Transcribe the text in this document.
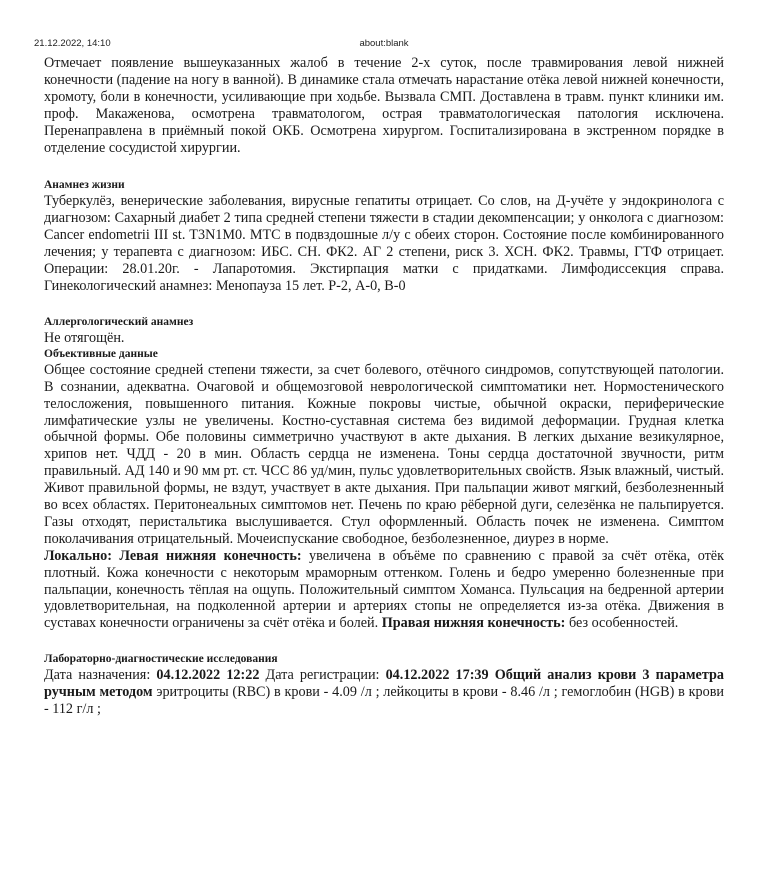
21.12.2022, 14:10	about:blank

Отмечает появление вышеуказанных жалоб в течение 2-х суток, после травмирования левой нижней конечности (падение на ногу в ванной). В динамике стала отмечать нарастание отёка левой нижней конечности, хромоту, боли в конечности, усиливающие при ходьбе. Вызвала СМП. Доставлена в травм. пункт клиники им. проф. Макаженова, осмотрена травматологом, острая травматологическая патология исключена. Перенаправлена в приёмный покой ОКБ. Осмотрена хирургом. Госпитализирована в экстренном порядке в отделение сосудистой хирургии.

Анамнез жизни

Туберкулёз, венерические заболевания, вирусные гепатиты отрицает. Со слов, на Д-учёте у эндокринолога с диагнозом: Сахарный диабет 2 типа средней степени тяжести в стадии декомпенсации; у онколога с диагнозом: Cancer endometrii III st. T3N1M0. МТС в подвздошные л/у с обеих сторон. Состояние после комбинированного лечения; у терапевта с диагнозом: ИБС. СН. ФК2. АГ 2 степени, риск 3. ХСН. ФК2. Травмы, ГТФ отрицает. Операции: 28.01.20г. - Лапаротомия. Экстирпация матки с придатками. Лимфодиссекция справа. Гинекологический анамнез: Менопауза 15 лет. Р-2, А-0, В-0

Аллергологический анамнез

Не отягощён.

Объективные данные

Общее состояние средней степени тяжести, за счет болевого, отёчного синдромов, сопутствующей патологии. В сознании, адекватна. Очаговой и общемозговой неврологической симптоматики нет. Нормостенического телосложения, повышенного питания. Кожные покровы чистые, обычной окраски, периферические лимфатические узлы не увеличены. Костно-суставная система без видимой деформации. Грудная клетка обычной формы. Обе половины симметрично участвуют в акте дыхания. В легких дыхание везикулярное, хрипов нет. ЧДД - 20 в мин. Область сердца не изменена. Тоны сердца достаточной звучности, ритм правильный. АД 140 и 90 мм рт. ст. ЧСС 86 уд/мин, пульс удовлетворительных свойств. Язык влажный, чистый. Живот правильной формы, не вздут, участвует в акте дыхания. При пальпации живот мягкий, безболезненный во всех областях. Перитонеальных симптомов нет. Печень по краю рёберной дуги, селезёнка не пальпируется. Газы отходят, перистальтика выслушивается. Стул оформленный. Область почек не изменена. Симптом поколачивания отрицательный. Мочеиспускание свободное, безболезненное, диурез в норме.

Локально: Левая нижняя конечность: увеличена в объёме по сравнению с правой за счёт отёка, отёк плотный. Кожа конечности с некоторым мраморным оттенком. Голень и бедро умеренно болезненные при пальпации, конечность тёплая на ощупь. Положительный симптом Хоманса. Пульсация на бедренной артерии удовлетворительная, на подколенной артерии и артериях стопы не определяется из-за отёка. Движения в суставах конечности ограничены за счёт отёка и болей. Правая нижняя конечность: без особенностей.

Лабораторно-диагностические исследования

Дата назначения: 04.12.2022 12:22 Дата регистрации: 04.12.2022 17:39 Общий анализ крови 3 параметра ручным методом эритроциты (RBC) в крови - 4.09 /л ; лейкоциты в крови - 8.46 /л ; гемоглобин (HGB) в крови - 112 г/л ;
